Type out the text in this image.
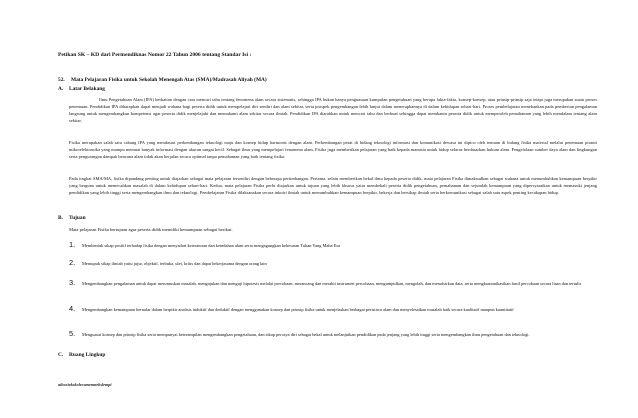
Petikan SK – KD dari Permendiknas Nomor 22 Tahun 2006 tentang Standar Isi :
52. Mata Pelajaran Fisika untuk Sekolah Menengah Atas (SMA)/Madrasah Aliyah (MA)
A. Latar Belakang
Ilmu Pengetahuan Alam (IPA) berkaitan dengan cara mencari tahu tentang fenomena alam secara sistematis, sehingga IPA bukan hanya penguasaan kumpulan pengetahuan yang berupa fakta-fakta, konsep-konsep, atau prinsip-prinsip saja tetapi juga merupakan suatu proses penemuan. Pendidikan IPA diharapkan dapat menjadi wahana bagi peserta didik untuk mempelajari diri sendiri dan alam sekitar, serta prospek pengembangan lebih lanjut dalam menerapkannya di dalam kehidupan sehari-hari. Proses pembelajaran menekankan pada pemberian pengalaman langsung untuk mengembangkan kompetensi agar peserta didik menjelajahi dan memahami alam sekitar secara ilmiah. Pendidikan IPA diarahkan untuk mencari tahu dan berbuat sehingga dapat membantu peserta didik untuk memperoleh pemahaman yang lebih mendalam tentang alam sekitar.
Fisika merupakan salah satu cabang IPA yang mendasari perkembangan teknologi maju dan konsep hidup harmonis dengan alam. Perkembangan pesat di bidang teknologi informasi dan komunikasi dewasa ini dipicu oleh temuan di bidang fisika material melalui penemuan piranti mikroelektronika yang mampu memuat banyak informasi dengan ukuran sangat kecil. Sebagai ilmu yang mempelajari fenomena alam, Fisika juga memberikan pelajaran yang baik kepada manusia untuk hidup selaras berdasarkan hukum alam. Pengelolaan sumber daya alam dan lingkungan serta pengurangan dampak bencana alam tidak akan berjalan secara optimal tanpa pemahaman yang baik tentang fisika.
Pada tingkat SMA/MA, fisika dipandang penting untuk diajarkan sebagai mata pelajaran tersendiri dengan beberapa pertimbangan. Pertama, selain memberikan bekal ilmu kepada peserta didik, mata pelajaran Fisika dimaksudkan sebagai wahana untuk menumbuhkan kemampuan berpikir yang berguna untuk memecahkan masalah di dalam kehidupan sehari-hari. Kedua, mata pelajaran Fisika perlu diajarkan untuk tujuan yang lebih khusus yaitu membekali peserta didik pengetahuan, pemahaman dan sejumlah kemampuan yang dipersyaratkan untuk memasuki jenjang pendidikan yang lebih tinggi serta mengembangkan ilmu dan teknologi. Pembelajaran Fisika dilaksanakan secara inkuiri ilmiah untuk menumbuhkan kemampuan berpikir, bekerja dan bersikap ilmiah serta berkomunikasi sebagai salah satu aspek penting kecakapan hidup.
B. Tujuan
Mata pelajaran Fisika bertujuan agar peserta didik memiliki kemampuan sebagai berikut.
1.	Membentuk sikap positif terhadap fisika dengan menyadari keteraturan dan keindahan alam serta mengagungkan kebesaran Tuhan Yang Maha Esa
2.	Memupuk sikap ilmiah yaitu jujur, objektif, terbuka, ulet, kritis dan dapat bekerjasama dengan orang lain
3.	Mengembangkan pengalaman untuk dapat merumuskan masalah, mengajukan dan menguji hipotesis melalui percobaan, merancang dan merakit instrumen percobaan, mengumpulkan, mengolah, dan menafsirkan data, serta mengkomunikasikan hasil percobaan secara lisan dan tertulis
4.	Mengembangkan kemampuan bernalar dalam berpikir analisis induktif dan deduktif dengan menggunakan konsep dan prinsip fisika untuk menjelaskan berbagai peristiwa alam dan menyelesaikan masalah baik secara kualitatif maupun kuantitatif
5.	Menguasai konsep dan prinsip fisika serta mempunyai keterampilan mengembangkan pengetahuan, dan sikap percaya diri sebagai bekal untuk melanjutkan pendidikan pada jenjang yang lebih tinggi serta mengembangkan ilmu pengetahuan dan teknologi.
C. Ruang Lingkup
aihoxiekskolecamenmekslempi
